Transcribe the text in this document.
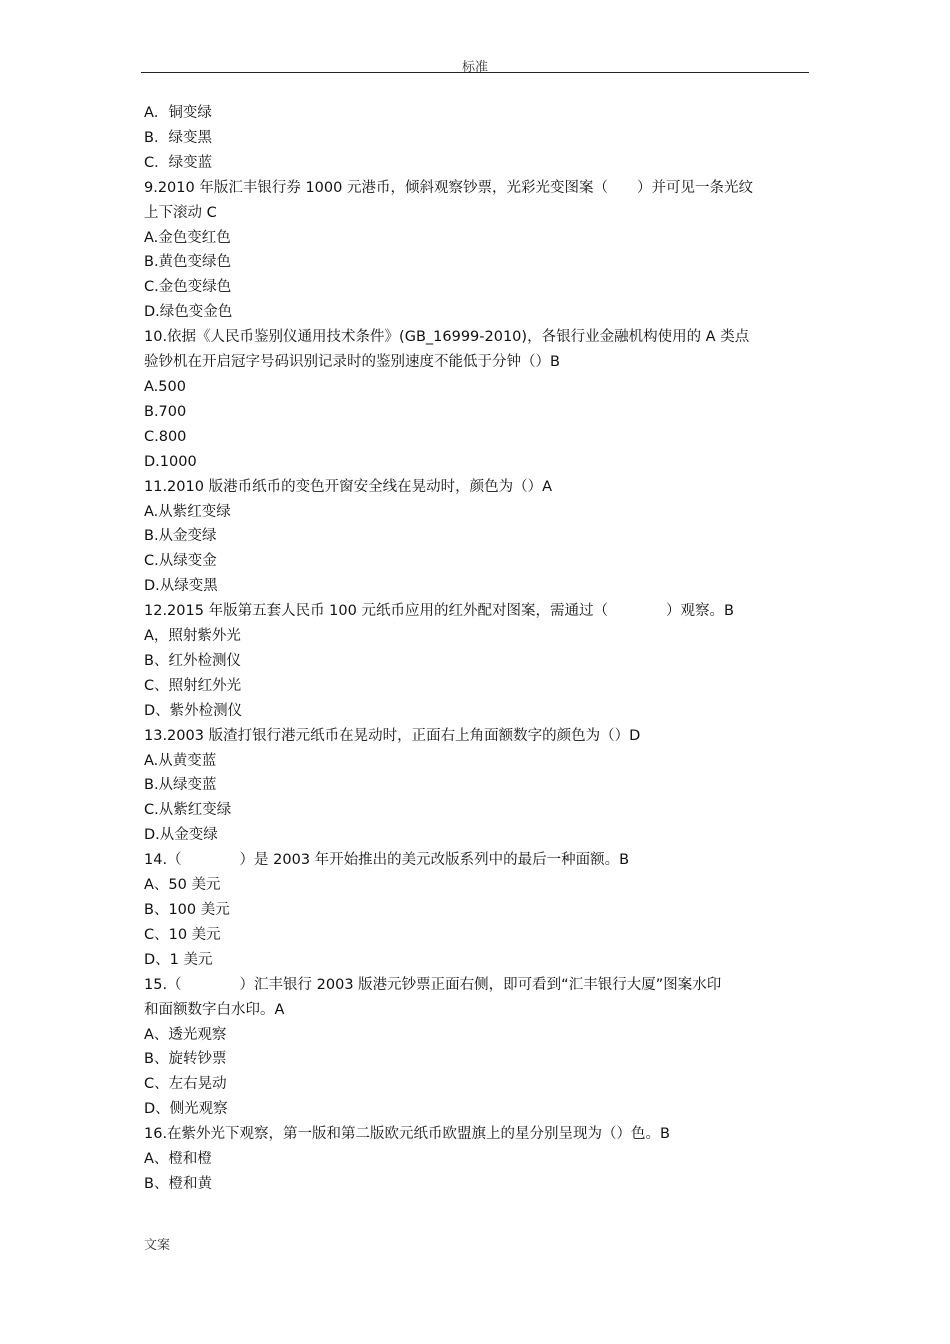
标准
A．铜变绿
B．绿变黑
C．绿变蓝
9.2010 年版汇丰银行券 1000 元港币，倾斜观察钞票，光彩光变图案（　　）并可见一条光纹
上下滚动 C
A.金色变红色
B.黄色变绿色
C.金色变绿色
D.绿色变金色
10.依据《人民币鉴别仪通用技术条件》(GB_16999-2010)，各银行业金融机构使用的 A 类点
验钞机在开启冠字号码识别记录时的鉴别速度不能低于分钟（）B
A.500
B.700
C.800
D.1000
11.2010 版港币纸币的变色开窗安全线在晃动时，颜色为（）A
A.从紫红变绿
B.从金变绿
C.从绿变金
D.从绿变黑
12.2015 年版第五套人民币 100 元纸币应用的红外配对图案，需通过（　　　　）观察。B
A，照射紫外光
B、红外检测仪
C、照射红外光
D、紫外检测仪
13.2003 版渣打银行港元纸币在晃动时，正面右上角面额数字的颜色为（）D
A.从黄变蓝
B.从绿变蓝
C.从紫红变绿
D.从金变绿
14.（　　　　）是 2003 年开始推出的美元改版系列中的最后一种面额。B
A、50 美元
B、100 美元
C、10 美元
D、1 美元
15.（　　　　）汇丰银行 2003 版港元钞票正面右侧，即可看到“汇丰银行大厦”图案水印
和面额数字白水印。A
A、透光观察
B、旋转钞票
C、左右晃动
D、侧光观察
16.在紫外光下观察，第一版和第二版欧元纸币欧盟旗上的星分别呈现为（）色。B
A、橙和橙
B、橙和黄
文案
